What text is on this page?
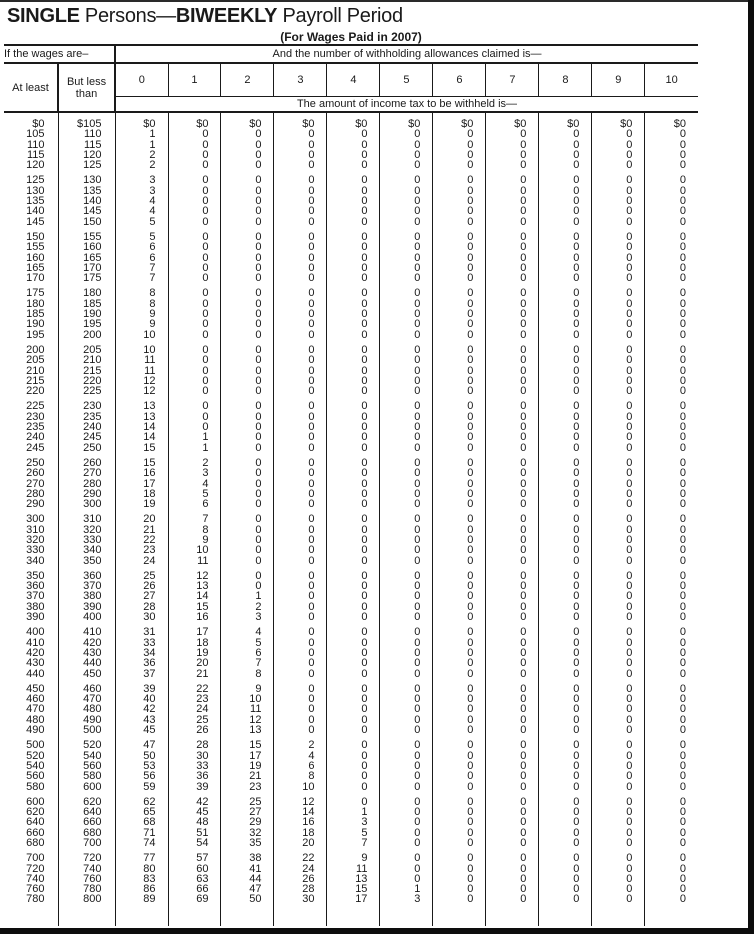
SINGLE Persons—BIWEEKLY Payroll Period
(For Wages Paid in 2007)
If the wages are–		And the number of withholding allowances claimed is—										
At least	But less than	0	1	2	3	4	5	6	7	8	9	10
		The amount of income tax to be withheld is—										
$0	$105	$0	$0	$0	$0	$0	$0	$0	$0	$0	$0	$0
105	110	1	0	0	0	0	0	0	0	0	0	0
110	115	1	0	0	0	0	0	0	0	0	0	0
115	120	2	0	0	0	0	0	0	0	0	0	0
120	125	2	0	0	0	0	0	0	0	0	0	0
125	130	3	0	0	0	0	0	0	0	0	0	0
130	135	3	0	0	0	0	0	0	0	0	0	0
135	140	4	0	0	0	0	0	0	0	0	0	0
140	145	4	0	0	0	0	0	0	0	0	0	0
145	150	5	0	0	0	0	0	0	0	0	0	0
150	155	5	0	0	0	0	0	0	0	0	0	0
155	160	6	0	0	0	0	0	0	0	0	0	0
160	165	6	0	0	0	0	0	0	0	0	0	0
165	170	7	0	0	0	0	0	0	0	0	0	0
170	175	7	0	0	0	0	0	0	0	0	0	0
175	180	8	0	0	0	0	0	0	0	0	0	0
180	185	8	0	0	0	0	0	0	0	0	0	0
185	190	9	0	0	0	0	0	0	0	0	0	0
190	195	9	0	0	0	0	0	0	0	0	0	0
195	200	10	0	0	0	0	0	0	0	0	0	0
200	205	10	0	0	0	0	0	0	0	0	0	0
205	210	11	0	0	0	0	0	0	0	0	0	0
210	215	11	0	0	0	0	0	0	0	0	0	0
215	220	12	0	0	0	0	0	0	0	0	0	0
220	225	12	0	0	0	0	0	0	0	0	0	0
225	230	13	0	0	0	0	0	0	0	0	0	0
230	235	13	0	0	0	0	0	0	0	0	0	0
235	240	14	0	0	0	0	0	0	0	0	0	0
240	245	14	1	0	0	0	0	0	0	0	0	0
245	250	15	1	0	0	0	0	0	0	0	0	0
250	260	15	2	0	0	0	0	0	0	0	0	0
260	270	16	3	0	0	0	0	0	0	0	0	0
270	280	17	4	0	0	0	0	0	0	0	0	0
280	290	18	5	0	0	0	0	0	0	0	0	0
290	300	19	6	0	0	0	0	0	0	0	0	0
300	310	20	7	0	0	0	0	0	0	0	0	0
310	320	21	8	0	0	0	0	0	0	0	0	0
320	330	22	9	0	0	0	0	0	0	0	0	0
330	340	23	10	0	0	0	0	0	0	0	0	0
340	350	24	11	0	0	0	0	0	0	0	0	0
350	360	25	12	0	0	0	0	0	0	0	0	0
360	370	26	13	0	0	0	0	0	0	0	0	0
370	380	27	14	1	0	0	0	0	0	0	0	0
380	390	28	15	2	0	0	0	0	0	0	0	0
390	400	30	16	3	0	0	0	0	0	0	0	0
400	410	31	17	4	0	0	0	0	0	0	0	0
410	420	33	18	5	0	0	0	0	0	0	0	0
420	430	34	19	6	0	0	0	0	0	0	0	0
430	440	36	20	7	0	0	0	0	0	0	0	0
440	450	37	21	8	0	0	0	0	0	0	0	0
450	460	39	22	9	0	0	0	0	0	0	0	0
460	470	40	23	10	0	0	0	0	0	0	0	0
470	480	42	24	11	0	0	0	0	0	0	0	0
480	490	43	25	12	0	0	0	0	0	0	0	0
490	500	45	26	13	0	0	0	0	0	0	0	0
500	520	47	28	15	2	0	0	0	0	0	0	0
520	540	50	30	17	4	0	0	0	0	0	0	0
540	560	53	33	19	6	0	0	0	0	0	0	0
560	580	56	36	21	8	0	0	0	0	0	0	0
580	600	59	39	23	10	0	0	0	0	0	0	0
600	620	62	42	25	12	0	0	0	0	0	0	0
620	640	65	45	27	14	1	0	0	0	0	0	0
640	660	68	48	29	16	3	0	0	0	0	0	0
660	680	71	51	32	18	5	0	0	0	0	0	0
680	700	74	54	35	20	7	0	0	0	0	0	0
700	720	77	57	38	22	9	0	0	0	0	0	0
720	740	80	60	41	24	11	0	0	0	0	0	0
740	760	83	63	44	26	13	0	0	0	0	0	0
760	780	86	66	47	28	15	1	0	0	0	0	0
780	800	89	69	50	30	17	3	0	0	0	0	0
